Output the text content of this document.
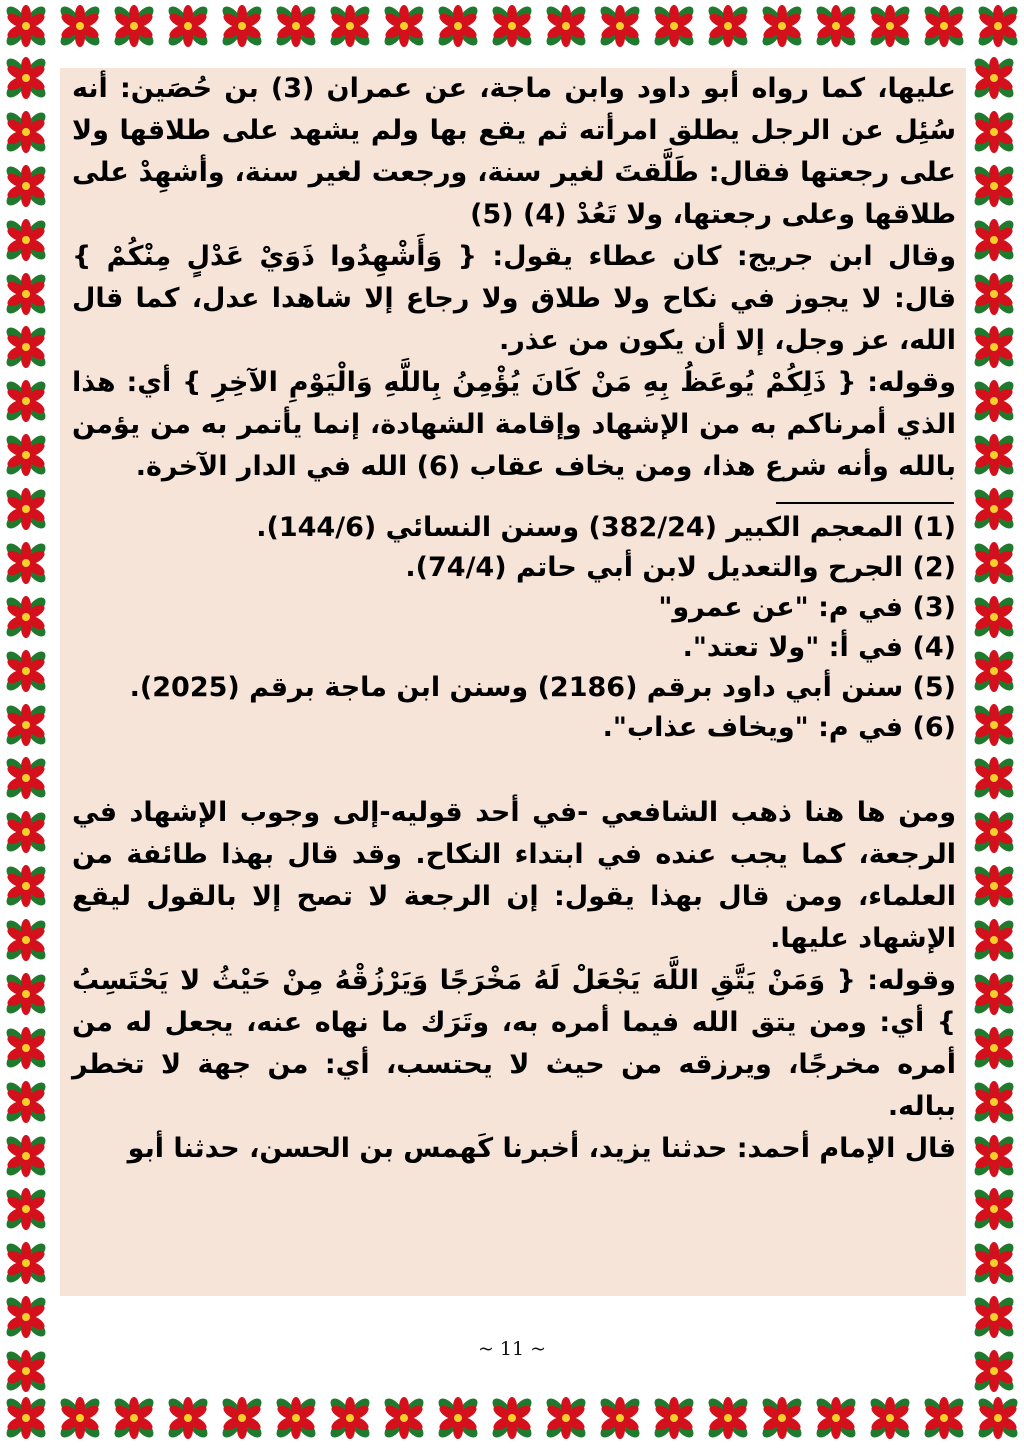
عليها، كما رواه أبو داود وابن ماجة، عن عمران (3) بن حُصَين: أنه سُئِل عن الرجل يطلق امرأته ثم يقع بها ولم يشهد على طلاقها ولا على رجعتها فقال: طَلَّقتَ لغير سنة، ورجعت لغير سنة، وأشهِدْ على طلاقها وعلى رجعتها، ولا تَعُدْ (4) (5)

وقال ابن جريج: كان عطاء يقول: { وَأَشْهِدُوا ذَوَيْ عَدْلٍ مِنْكُمْ } قال: لا يجوز في نكاح ولا طلاق ولا رجاع إلا شاهدا عدل، كما قال الله، عز وجل، إلا أن يكون من عذر.

وقوله: { ذَلِكُمْ يُوعَظُ بِهِ مَنْ كَانَ يُؤْمِنُ بِاللَّهِ وَالْيَوْمِ الآخِرِ } أي: هذا الذي أمرناكم به من الإشهاد وإقامة الشهادة، إنما يأتمر به من يؤمن بالله وأنه شرع هذا، ومن يخاف عقاب (6) الله في الدار الآخرة.

(1) المعجم الكبير (382/24) وسنن النسائي (144/6).
(2) الجرح والتعديل لابن أبي حاتم (74/4).
(3) في م: "عن عمرو"
(4) في أ: "ولا تعتد".
(5) سنن أبي داود برقم (2186) وسنن ابن ماجة برقم (2025).
(6) في م: "ويخاف عذاب".

ومن ها هنا ذهب الشافعي -في أحد قوليه-إلى وجوب الإشهاد في الرجعة، كما يجب عنده في ابتداء النكاح. وقد قال بهذا طائفة من العلماء، ومن قال بهذا يقول: إن الرجعة لا تصح إلا بالقول ليقع الإشهاد عليها.

وقوله: { وَمَنْ يَتَّقِ اللَّهَ يَجْعَلْ لَهُ مَخْرَجًا وَيَرْزُقْهُ مِنْ حَيْثُ لا يَحْتَسِبُ } أي: ومن يتق الله فيما أمره به، وتَرَك ما نهاه عنه، يجعل له من أمره مخرجًا، ويرزقه من حيث لا يحتسب، أي: من جهة لا تخطر بباله.

قال الإمام أحمد: حدثنا يزيد، أخبرنا كَهمس بن الحسن، حدثنا أبو

~ 11 ~
